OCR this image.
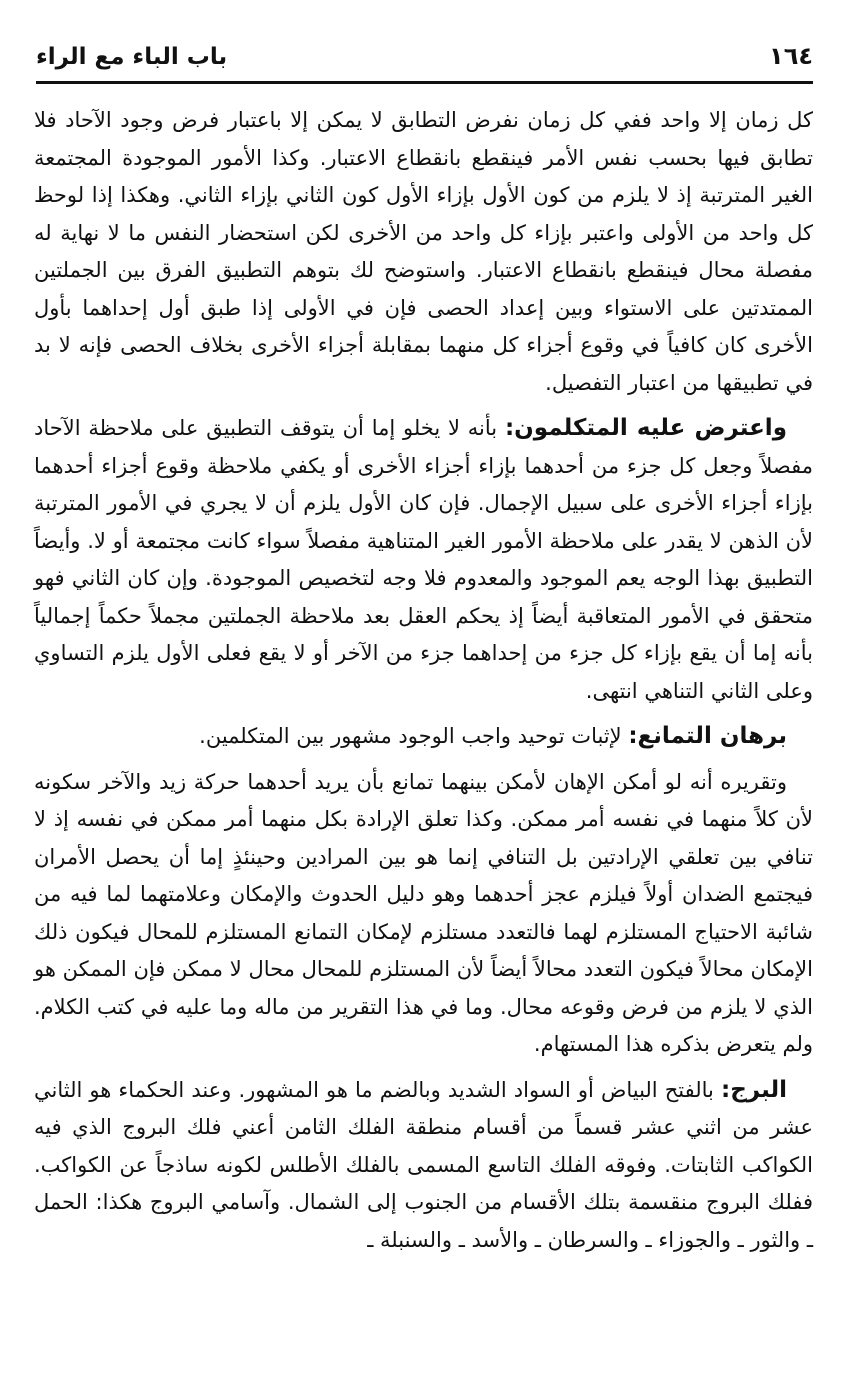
١٦٤
باب الباء مع الراء

كل زمان إلا واحد ففي كل زمان نفرض التطابق لا يمكن إلا باعتبار فرض وجود الآحاد فلا تطابق فيها بحسب نفس الأمر فينقطع بانقطاع الاعتبار. وكذا الأمور الموجودة المجتمعة الغير المترتبة إذ لا يلزم من كون الأول بإزاء الأول كون الثاني بإزاء الثاني. وهكذا إذا لوحظ كل واحد من الأولى واعتبر بإزاء كل واحد من الأخرى لكن استحضار النفس ما لا نهاية له مفصلة محال فينقطع بانقطاع الاعتبار. واستوضح لك بتوهم التطبيق الفرق بين الجملتين الممتدتين على الاستواء وبين إعداد الحصى فإن في الأولى إذا طبق أول إحداهما بأول الأخرى كان كافياً في وقوع أجزاء كل منهما بمقابلة أجزاء الأخرى بخلاف الحصى فإنه لا بد في تطبيقها من اعتبار التفصيل.

واعترض عليه المتكلمون: بأنه لا يخلو إما أن يتوقف التطبيق على ملاحظة الآحاد مفصلاً وجعل كل جزء من أحدهما بإزاء أجزاء الأخرى أو يكفي ملاحظة وقوع أجزاء أحدهما بإزاء أجزاء الأخرى على سبيل الإجمال. فإن كان الأول يلزم أن لا يجري في الأمور المترتبة لأن الذهن لا يقدر على ملاحظة الأمور الغير المتناهية مفصلاً سواء كانت مجتمعة أو لا. وأيضاً التطبيق بهذا الوجه يعم الموجود والمعدوم فلا وجه لتخصيص الموجودة. وإن كان الثاني فهو متحقق في الأمور المتعاقبة أيضاً إذ يحكم العقل بعد ملاحظة الجملتين مجملاً حكماً إجمالياً بأنه إما أن يقع بإزاء كل جزء من إحداهما جزء من الآخر أو لا يقع فعلى الأول يلزم التساوي وعلى الثاني التناهي انتهى.

برهان التمانع: لإثبات توحيد واجب الوجود مشهور بين المتكلمين.

وتقريره أنه لو أمكن الإهان لأمكن بينهما تمانع بأن يريد أحدهما حركة زيد والآخر سكونه لأن كلاً منهما في نفسه أمر ممكن. وكذا تعلق الإرادة بكل منهما أمر ممكن في نفسه إذ لا تنافي بين تعلقي الإرادتين بل التنافي إنما هو بين المرادين وحينئذٍ إما أن يحصل الأمران فيجتمع الضدان أولاً فيلزم عجز أحدهما وهو دليل الحدوث والإمكان وعلامتهما لما فيه من شائبة الاحتياج المستلزم لهما فالتعدد مستلزم لإمكان التمانع المستلزم للمحال فيكون ذلك الإمكان محالاً فيكون التعدد محالاً أيضاً لأن المستلزم للمحال محال لا ممكن فإن الممكن هو الذي لا يلزم من فرض وقوعه محال. وما في هذا التقرير من ماله وما عليه في كتب الكلام. ولم يتعرض بذكره هذا المستهام.

البرج: بالفتح البياض أو السواد الشديد وبالضم ما هو المشهور. وعند الحكماء هو الثاني عشر من اثني عشر قسماً من أقسام منطقة الفلك الثامن أعني فلك البروج الذي فيه الكواكب الثابتات. وفوقه الفلك التاسع المسمى بالفلك الأطلس لكونه ساذجاً عن الكواكب. ففلك البروج منقسمة بتلك الأقسام من الجنوب إلى الشمال. وآسامي البروج هكذا: الحمل ـ والثور ـ والجوزاء ـ والسرطان ـ والأسد ـ والسنبلة ـ
